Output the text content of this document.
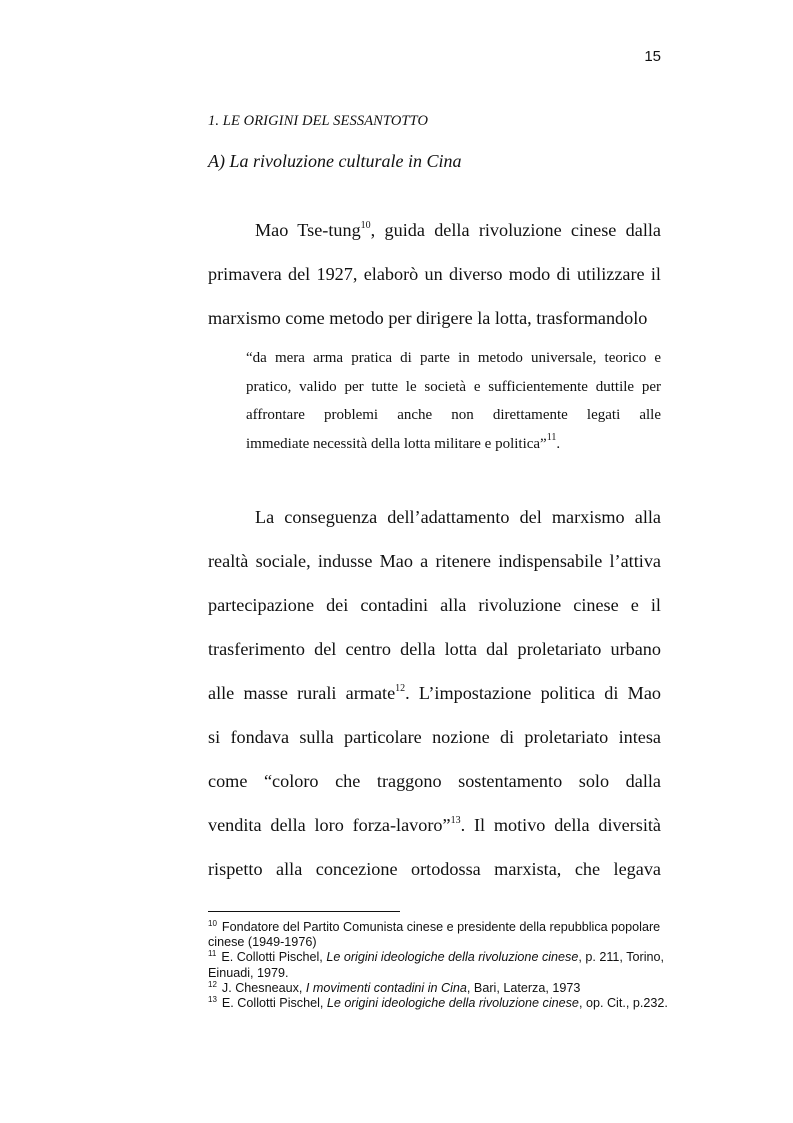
15
1. LE ORIGINI DEL SESSANTOTTO
A) La rivoluzione culturale in Cina
Mao Tse-tung$^{10}$, guida della rivoluzione cinese dalla
primavera del 1927, elaborò un diverso modo di utilizzare il
marxismo come metodo per dirigere la lotta, trasformandolo
“da mera arma pratica di parte in metodo universale, teorico e
pratico, valido per tutte le società e sufficientemente duttile per
affrontare problemi anche non direttamente legati alle
immediate necessità della lotta militare e politica”$^{11}$.
La conseguenza dell’adattamento del marxismo alla
realtà sociale, indusse Mao a ritenere indispensabile l’attiva
partecipazione dei contadini alla rivoluzione cinese e il
trasferimento del centro della lotta dal proletariato urbano
alle masse rurali armate$^{12}$. L’impostazione politica di Mao
si fondava sulla particolare nozione di proletariato intesa
come “coloro che traggono sostentamento solo dalla
vendita della loro forza-lavoro”$^{13}$. Il motivo della diversità
rispetto alla concezione ortodossa marxista, che legava
$^{10}$ Fondatore del Partito Comunista cinese e presidente della repubblica popolare cinese (1949-1976)
$^{11}$ E. Collotti Pischel, Le origini ideologiche della rivoluzione cinese, p. 211, Torino, Einuadi, 1979.
$^{12}$ J. Chesneaux, I movimenti contadini in Cina, Bari, Laterza, 1973
$^{13}$ E. Collotti Pischel, Le origini ideologiche della rivoluzione cinese, op. Cit., p.232.
